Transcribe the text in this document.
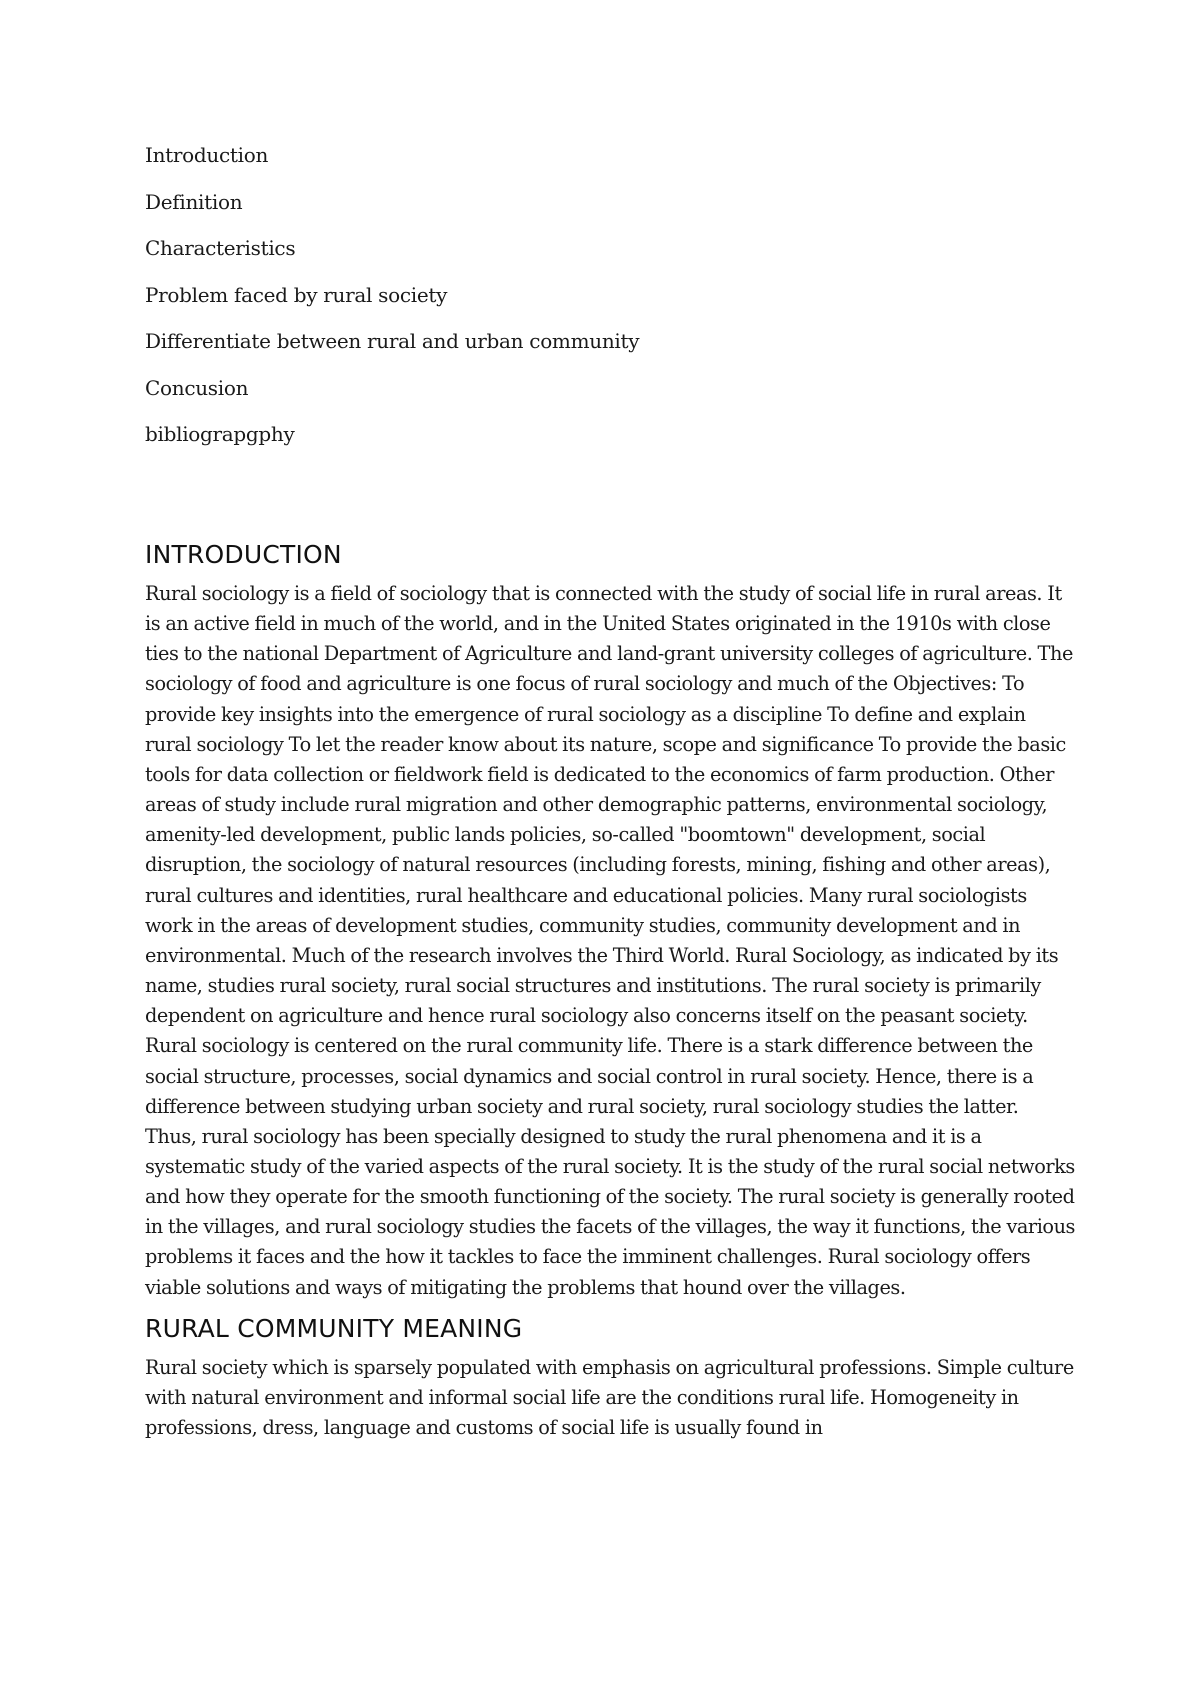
Introduction
Definition
Characteristics
Problem faced by rural society
Differentiate between rural and urban community
Concusion
bibliograpgphy
INTRODUCTION

Rural sociology is a field of sociology that is connected with the study of social life in rural areas. It is an active field in much of the world, and in the United States originated in the 1910s with close ties to the national Department of Agriculture and land-grant university colleges of agriculture. The sociology of food and agriculture is one focus of rural sociology and much of the Objectives: To provide key insights into the emergence of rural sociology as a discipline To define and explain rural sociology To let the reader know about its nature, scope and significance To provide the basic tools for data collection or fieldwork field is dedicated to the economics of farm production. Other areas of study include rural migration and other demographic patterns, environmental sociology, amenity-led development, public lands policies, so-called "boomtown" development, social disruption, the sociology of natural resources (including forests, mining, fishing and other areas), rural cultures and identities, rural healthcare and educational policies. Many rural sociologists work in the areas of development studies, community studies, community development and in environmental. Much of the research involves the Third World. Rural Sociology, as indicated by its name, studies rural society, rural social structures and institutions. The rural society is primarily dependent on agriculture and hence rural sociology also concerns itself on the peasant society. Rural sociology is centered on the rural community life. There is a stark difference between the social structure, processes, social dynamics and social control in rural society. Hence, there is a difference between studying urban society and rural society, rural sociology studies the latter. Thus, rural sociology has been specially designed to study the rural phenomena and it is a systematic study of the varied aspects of the rural society. It is the study of the rural social networks and how they operate for the smooth functioning of the society. The rural society is generally rooted in the villages, and rural sociology studies the facets of the villages, the way it functions, the various problems it faces and the how it tackles to face the imminent challenges. Rural sociology offers viable solutions and ways of mitigating the problems that hound over the villages.

RURAL COMMUNITY MEANING

Rural society which is sparsely populated with emphasis on agricultural professions. Simple culture with natural environment and informal social life are the conditions rural life. Homogeneity in professions, dress, language and customs of social life is usually found in
